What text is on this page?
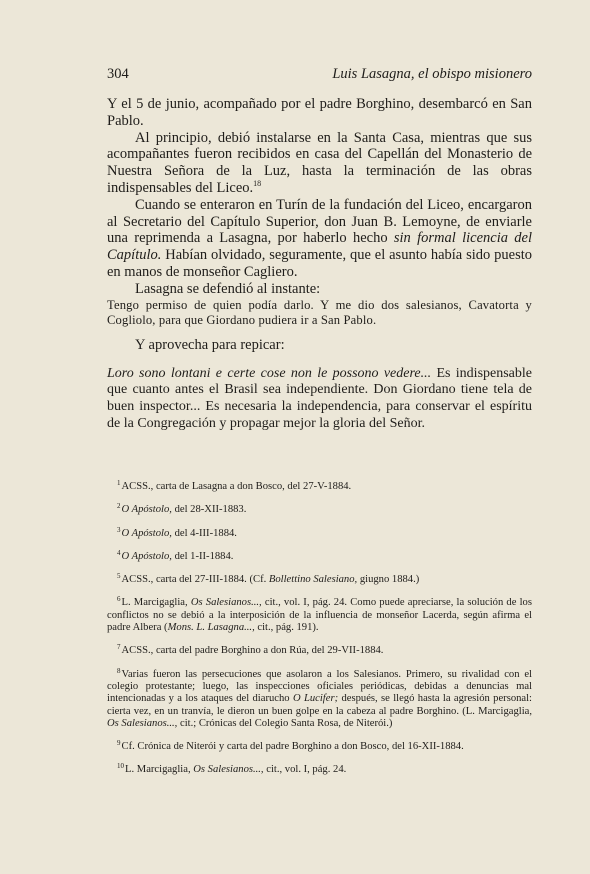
304	Luis Lasagna, el obispo misionero

Y el 5 de junio, acompañado por el padre Borghino, desembarcó en San Pablo.

Al principio, debió instalarse en la Santa Casa, mientras que sus acompañantes fueron recibidos en casa del Capellán del Monasterio de Nuestra Señora de la Luz, hasta la terminación de las obras indispensables del Liceo.$^{18}$

Cuando se enteraron en Turín de la fundación del Liceo, encargaron al Secretario del Capítulo Superior, don Juan B. Lemoyne, de enviarle una reprimenda a Lasagna, por haberlo hecho sin formal licencia del Capítulo. Habían olvidado, seguramente, que el asunto había sido puesto en manos de monseñor Cagliero.

Lasagna se defendió al instante:

Tengo permiso de quien podía darlo. Y me dio dos salesianos, Cavatorta y Cogliolo, para que Giordano pudiera ir a San Pablo.

Y aprovecha para repicar:

Loro sono lontani e certe cose non le possono vedere... Es indispensable que cuanto antes el Brasil sea independiente. Don Giordano tiene tela de buen inspector... Es necesaria la independencia, para conservar el espíritu de la Congregación y propagar mejor la gloria del Señor.

$^1$ACSS., carta de Lasagna a don Bosco, del 27-V-1884.

$^2$O Apóstolo, del 28-XII-1883.

$^3$O Apóstolo, del 4-III-1884.

$^4$O Apóstolo, del 1-II-1884.

$^5$ACSS., carta del 27-III-1884. (Cf. Bollettino Salesiano, giugno 1884.)

$^6$L. Marcigaglia, Os Salesianos..., cit., vol. I, pág. 24. Como puede apreciarse, la solución de los conflictos no se debió a la interposición de la influencia de monseñor Lacerda, según afirma el padre Albera (Mons. L. Lasagna..., cit., pág. 191).

$^7$ACSS., carta del padre Borghino a don Rúa, del 29-VII-1884.

$^8$Varias fueron las persecuciones que asolaron a los Salesianos. Primero, su rivalidad con el colegio protestante; luego, las inspecciones oficiales periódicas, debidas a denuncias mal intencionadas y a los ataques del diarucho O Lucifer; después, se llegó hasta la agresión personal: cierta vez, en un tranvía, le dieron un buen golpe en la cabeza al padre Borghino. (L. Marcigaglia, Os Salesianos..., cit.; Crónicas del Colegio Santa Rosa, de Niterói.)

$^9$Cf. Crónica de Niterói y carta del padre Borghino a don Bosco, del 16-XII-1884.

$^{10}$L. Marcigaglia, Os Salesianos..., cit., vol. I, pág. 24.
